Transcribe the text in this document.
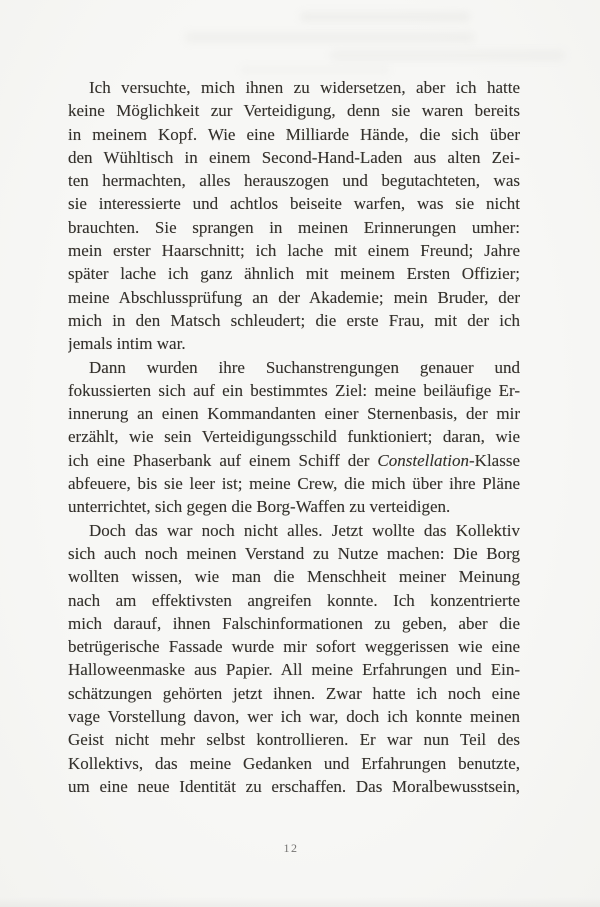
Ich versuchte, mich ihnen zu widersetzen, aber ich hatte
keine Möglichkeit zur Verteidigung, denn sie waren bereits
in meinem Kopf. Wie eine Milliarde Hände, die sich über
den Wühltisch in einem Second-Hand-Laden aus alten Zei-
ten hermachten, alles herauszogen und begutachteten, was
sie interessierte und achtlos beiseite warfen, was sie nicht
brauchten. Sie sprangen in meinen Erinnerungen umher:
mein erster Haarschnitt; ich lache mit einem Freund; Jahre
später lache ich ganz ähnlich mit meinem Ersten Offizier;
meine Abschlussprüfung an der Akademie; mein Bruder, der
mich in den Matsch schleudert; die erste Frau, mit der ich
jemals intim war.
Dann wurden ihre Suchanstrengungen genauer und
fokussierten sich auf ein bestimmtes Ziel: meine beiläufige Er-
innerung an einen Kommandanten einer Sternenbasis, der mir
erzählt, wie sein Verteidigungsschild funktioniert; daran, wie
ich eine Phaserbank auf einem Schiff der Constellation-Klasse
abfeuere, bis sie leer ist; meine Crew, die mich über ihre Pläne
unterrichtet, sich gegen die Borg-Waffen zu verteidigen.
Doch das war noch nicht alles. Jetzt wollte das Kollektiv
sich auch noch meinen Verstand zu Nutze machen: Die Borg
wollten wissen, wie man die Menschheit meiner Meinung
nach am effektivsten angreifen konnte. Ich konzentrierte
mich darauf, ihnen Falschinformationen zu geben, aber die
betrügerische Fassade wurde mir sofort weggerissen wie eine
Halloweenmaske aus Papier. All meine Erfahrungen und Ein-
schätzungen gehörten jetzt ihnen. Zwar hatte ich noch eine
vage Vorstellung davon, wer ich war, doch ich konnte meinen
Geist nicht mehr selbst kontrollieren. Er war nun Teil des
Kollektivs, das meine Gedanken und Erfahrungen benutzte,
um eine neue Identität zu erschaffen. Das Moralbewusstsein,
12
